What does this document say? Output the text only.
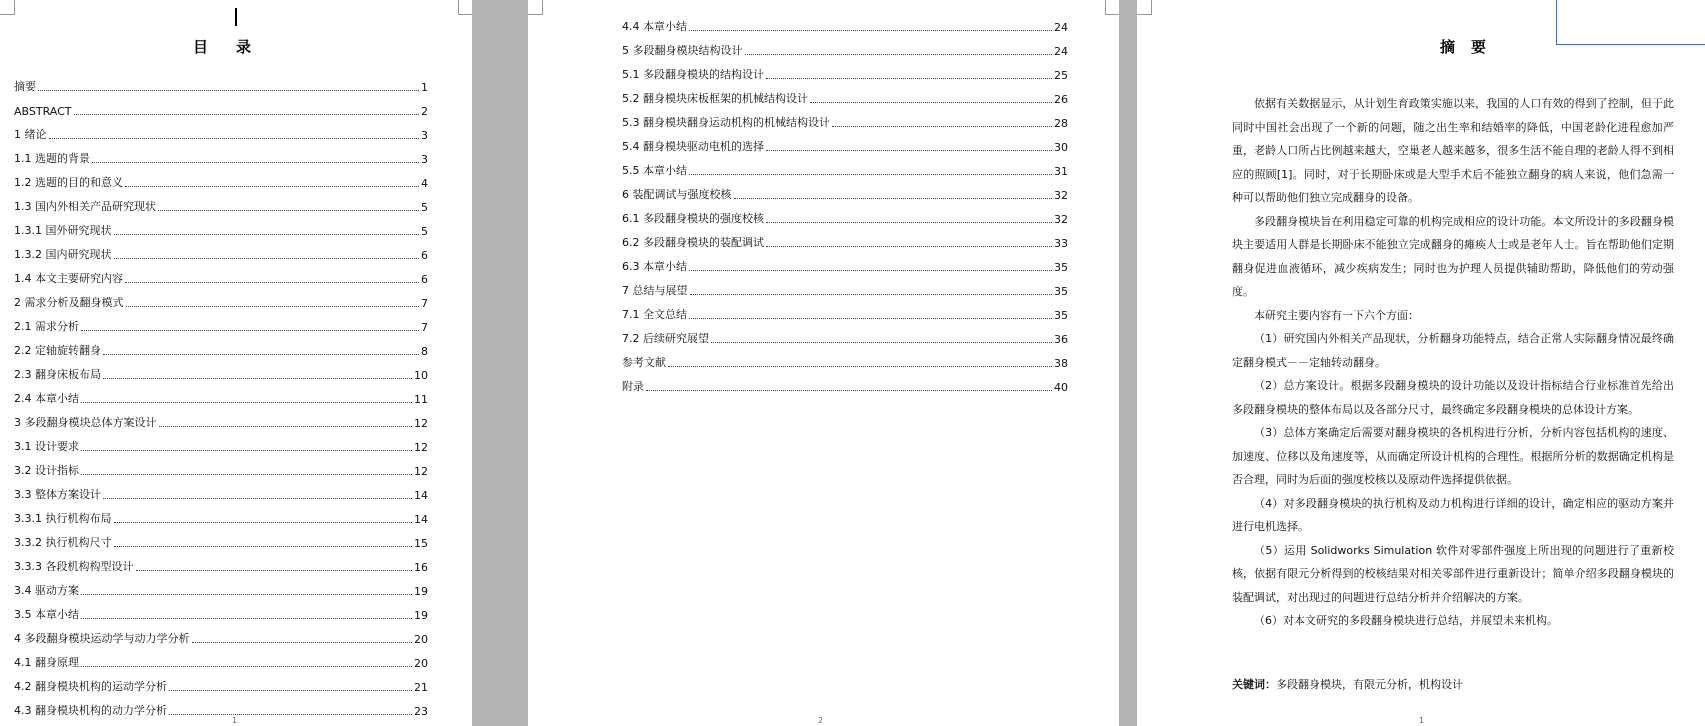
目录
摘要	1
ABSTRACT	2
1 绪论	3
1.1 选题的背景	3
1.2 选题的目的和意义	4
1.3 国内外相关产品研究现状	5
1.3.1 国外研究现状	5
1.3.2 国内研究现状	6
1.4 本文主要研究内容	6
2 需求分析及翻身模式	7
2.1 需求分析	7
2.2 定轴旋转翻身	8
2.3 翻身床板布局	10
2.4 本章小结	11
3 多段翻身模块总体方案设计	12
3.1 设计要求	12
3.2 设计指标	12
3.3 整体方案设计	14
3.3.1 执行机构布局	14
3.3.2 执行机构尺寸	15
3.3.3 各段机构构型设计	16
3.4 驱动方案	19
3.5 本章小结	19
4 多段翻身模块运动学与动力学分析	20
4.1 翻身原理	20
4.2 翻身模块机构的运动学分析	21
4.3 翻身模块机构的动力学分析	23
1
4.4 本章小结	24
5 多段翻身模块结构设计	24
5.1 多段翻身模块的结构设计	25
5.2 翻身模块床板框架的机械结构设计	26
5.3 翻身模块翻身运动机构的机械结构设计	28
5.4 翻身模块驱动电机的选择	30
5.5 本章小结	31
6 装配调试与强度校核	32
6.1 多段翻身模块的强度校核	32
6.2 多段翻身模块的装配调试	33
6.3 本章小结	35
7 总结与展望	35
7.1 全文总结	35
7.2 后续研究展望	36
参考文献	38
附录	40
2
摘要

依据有关数据显示，从计划生育政策实施以来，我国的人口有效的得到了控制，但于此同时中国社会出现了一个新的问题，随之出生率和结婚率的降低，中国老龄化进程愈加严重，老龄人口所占比例越来越大，空巢老人越来越多，很多生活不能自理的老龄人得不到相应的照顾[1]。同时，对于长期卧床或是大型手术后不能独立翻身的病人来说，他们急需一种可以帮助他们独立完成翻身的设备。

多段翻身模块旨在利用稳定可靠的机构完成相应的设计功能。本文所设计的多段翻身模块主要适用人群是长期卧床不能独立完成翻身的瘫痪人士或是老年人士。旨在帮助他们定期翻身促进血液循环，减少疾病发生；同时也为护理人员提供辅助帮助，降低他们的劳动强度。

本研究主要内容有一下六个方面：

（1）研究国内外相关产品现状，分析翻身功能特点，结合正常人实际翻身情况最终确定翻身模式－－定轴转动翻身。

（2）总方案设计。根据多段翻身模块的设计功能以及设计指标结合行业标准首先给出多段翻身模块的整体布局以及各部分尺寸，最终确定多段翻身模块的总体设计方案。

（3）总体方案确定后需要对翻身模块的各机构进行分析，分析内容包括机构的速度、加速度、位移以及角速度等，从而确定所设计机构的合理性。根据所分析的数据确定机构是否合理，同时为后面的强度校核以及原动件选择提供依据。

（4）对多段翻身模块的执行机构及动力机构进行详细的设计，确定相应的驱动方案并进行电机选择。

（5）运用 Solidworks Simulation 软件对零部件强度上所出现的问题进行了重新校核，依据有限元分析得到的校核结果对相关零部件进行重新设计；简单介绍多段翻身模块的装配调试，对出现过的问题进行总结分析并介绍解决的方案。

（6）对本文研究的多段翻身模块进行总结，并展望未来机构。

关键词：多段翻身模块，有限元分析，机构设计
1
